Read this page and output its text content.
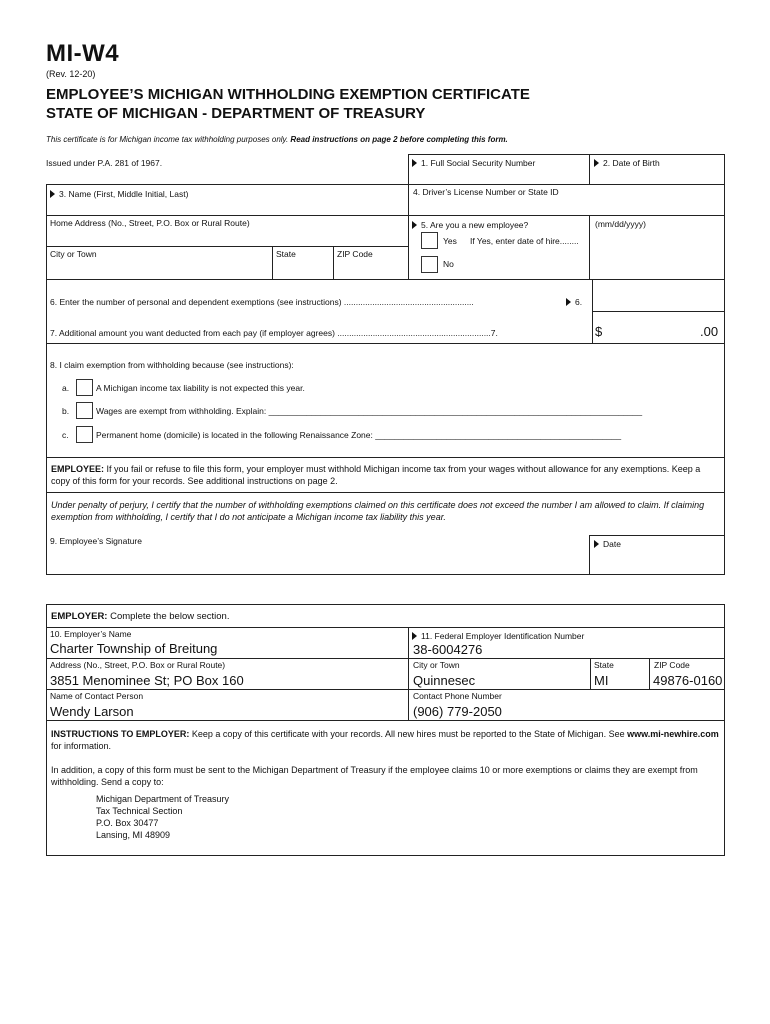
MI-W4
(Rev. 12-20)
EMPLOYEE’S MICHIGAN WITHHOLDING EXEMPTION CERTIFICATE
STATE OF MICHIGAN - DEPARTMENT OF TREASURY
This certificate is for Michigan income tax withholding purposes only. Read instructions on page 2 before completing this form.
Issued under P.A. 281 of 1967.	1. Full Social Security Number	2. Date of Birth
3. Name (First, Middle Initial, Last)	4. Driver’s License Number or State ID
Home Address (No., Street, P.O. Box or Rural Route)	5. Are you a new employee?	(mm/dd/yyyy)
Yes If Yes, enter date of hire........
No
City or Town	State	ZIP Code
6. Enter the number of personal and dependent exemptions (see instructions) .......................................................	6.
7. Additional amount you want deducted from each pay (if employer agrees) .................................................................7.	$	.00
8. I claim exemption from withholding because (see instructions):
a.	A Michigan income tax liability is not expected this year.
b.	Wages are exempt from withholding. Explain: _______________________________________________________________________________
c.	Permanent home (domicile) is located in the following Renaissance Zone: ____________________________________________________
EMPLOYEE: If you fail or refuse to file this form, your employer must withhold Michigan income tax from your wages without allowance for any exemptions. Keep a copy of this form for your records. See additional instructions on page 2.
Under penalty of perjury, I certify that the number of withholding exemptions claimed on this certificate does not exceed the number I am allowed to claim. If claiming exemption from withholding, I certify that I do not anticipate a Michigan income tax liability this year.
9. Employee’s Signature	Date
EMPLOYER: Complete the below section.
10. Employer’s Name
Charter Township of Breitung
11. Federal Employer Identification Number
38-6004276
Address (No., Street, P.O. Box or Rural Route)
3851 Menominee St; PO Box 160
City or Town
Quinnesec
State
MI
ZIP Code
49876-0160
Name of Contact Person
Wendy Larson
Contact Phone Number
(906) 779-2050
INSTRUCTIONS TO EMPLOYER: Keep a copy of this certificate with your records. All new hires must be reported to the State of Michigan. See www.mi-newhire.com for information.
In addition, a copy of this form must be sent to the Michigan Department of Treasury if the employee claims 10 or more exemptions or claims they are exempt from withholding. Send a copy to:
Michigan Department of Treasury
Tax Technical Section
P.O. Box 30477
Lansing, MI 48909
